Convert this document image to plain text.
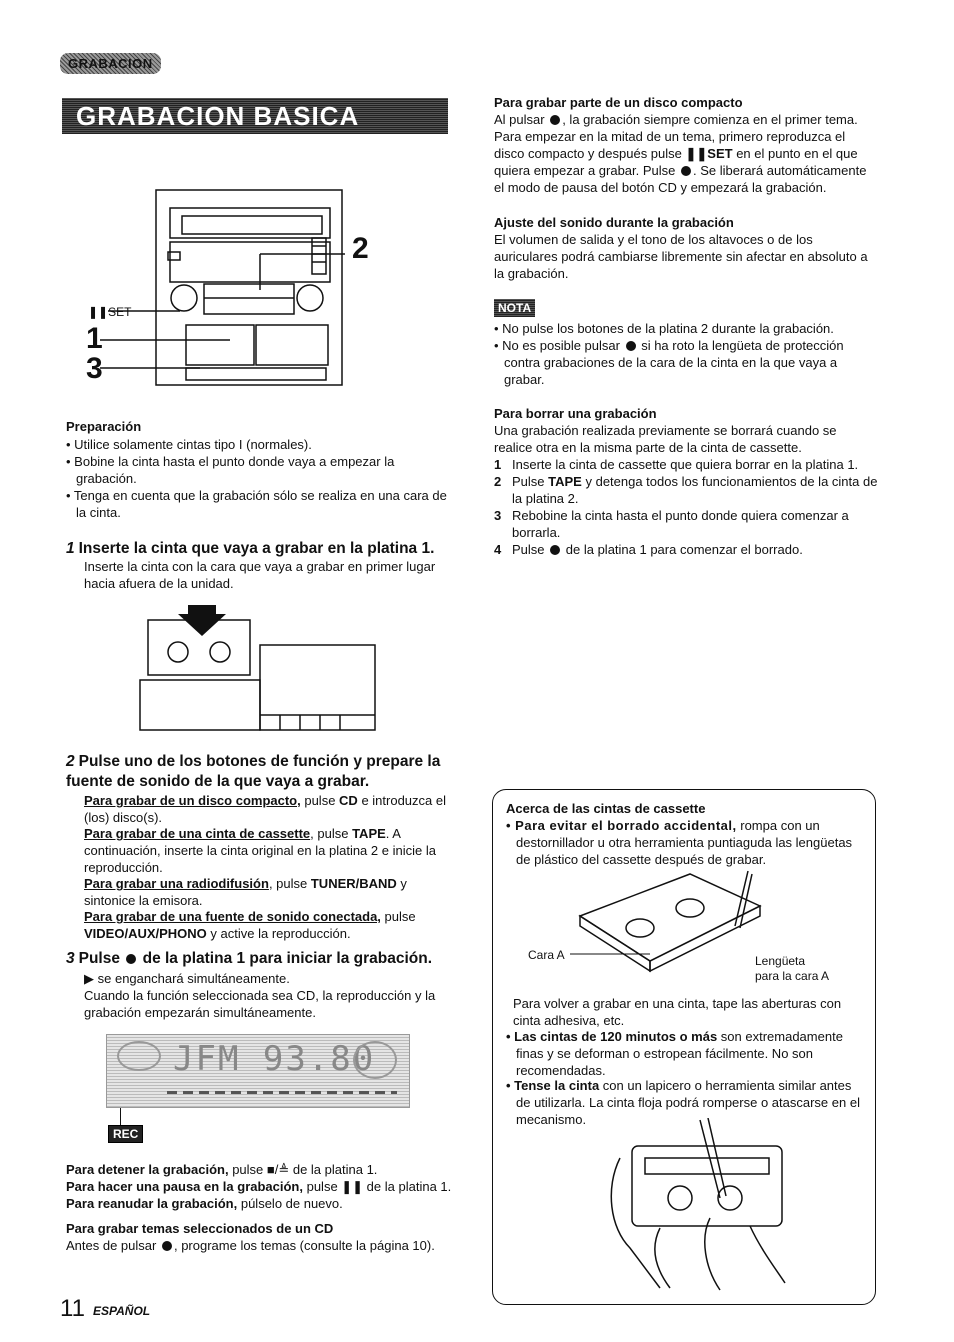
GRABACION
GRABACION BASICA
❚❚SET
1
3
2
Preparación
• Utilice solamente cintas tipo I (normales).
• Bobine la cinta hasta el punto donde vaya a empezar la grabación.
• Tenga en cuenta que la grabación sólo se realiza en una cara de la cinta.
1 Inserte la cinta que vaya a grabar en la platina 1.
Inserte la cinta con la cara que vaya a grabar en primer lugar hacia afuera de la unidad.
2 Pulse uno de los botones de función y prepare la fuente de sonido de la que vaya a grabar.
Para grabar de un disco compacto, pulse CD e introduzca el (los) disco(s).
Para grabar de una cinta de cassette, pulse TAPE. A continuación, inserte la cinta original en la platina 2 e inicie la reproducción.
Para grabar una radiodifusión, pulse TUNER/BAND y sintonice la emisora.
Para grabar de una fuente de sonido conectada, pulse VIDEO/AUX/PHONO y active la reproducción.
3 Pulse de la platina 1 para iniciar la grabación.
▶ se enganchará simultáneamente.
Cuando la función seleccionada sea CD, la reproducción y la grabación empezarán simultáneamente.
JFM 93.80
REC
Para detener la grabación, pulse ■/≜ de la platina 1.
Para hacer una pausa en la grabación, pulse ❚❚ de la platina 1.
Para reanudar la grabación, púlselo de nuevo.
Para grabar temas seleccionados de un CD
Antes de pulsar , programe los temas (consulte la página 10).
11 ESPAÑOL
Para grabar parte de un disco compacto
Al pulsar , la grabación siempre comienza en el primer tema. Para empezar en la mitad de un tema, primero reproduzca el disco compacto y después pulse ❚❚SET en el punto en el que quiera empezar a grabar. Pulse . Se liberará automáticamente el modo de pausa del botón CD y empezará la grabación.
Ajuste del sonido durante la grabación
El volumen de salida y el tono de los altavoces o de los auriculares podrá cambiarse libremente sin afectar en absoluto a la grabación.
NOTA
• No pulse los botones de la platina 2 durante la grabación.
• No es posible pulsar  si ha roto la lengüeta de protección contra grabaciones de la cara de la cinta en la que vaya a grabar.
Para borrar una grabación
Una grabación realizada previamente se borrará cuando se realice otra en la misma parte de la cinta de cassette.
1 Inserte la cinta de cassette que quiera borrar en la platina 1.
2 Pulse TAPE y detenga todos los funcionamientos de la cinta de la platina 2.
3 Rebobine la cinta hasta el punto donde quiera comenzar a borrarla.
4 Pulse  de la platina 1 para comenzar el borrado.
Acerca de las cintas de cassette
• Para evitar el borrado accidental, rompa con un destornillador u otra herramienta puntiaguda las lengüetas de plástico del cassette después de grabar.
Cara A	Lengüeta
para la cara A
Para volver a grabar en una cinta, tape las aberturas con cinta adhesiva, etc.
• Las cintas de 120 minutos o más son extremadamente finas y se deforman o estropean fácilmente. No son recomendadas.
• Tense la cinta con un lapicero o herramienta similar antes de utilizarla. La cinta floja podrá romperse o atascarse en el mecanismo.
